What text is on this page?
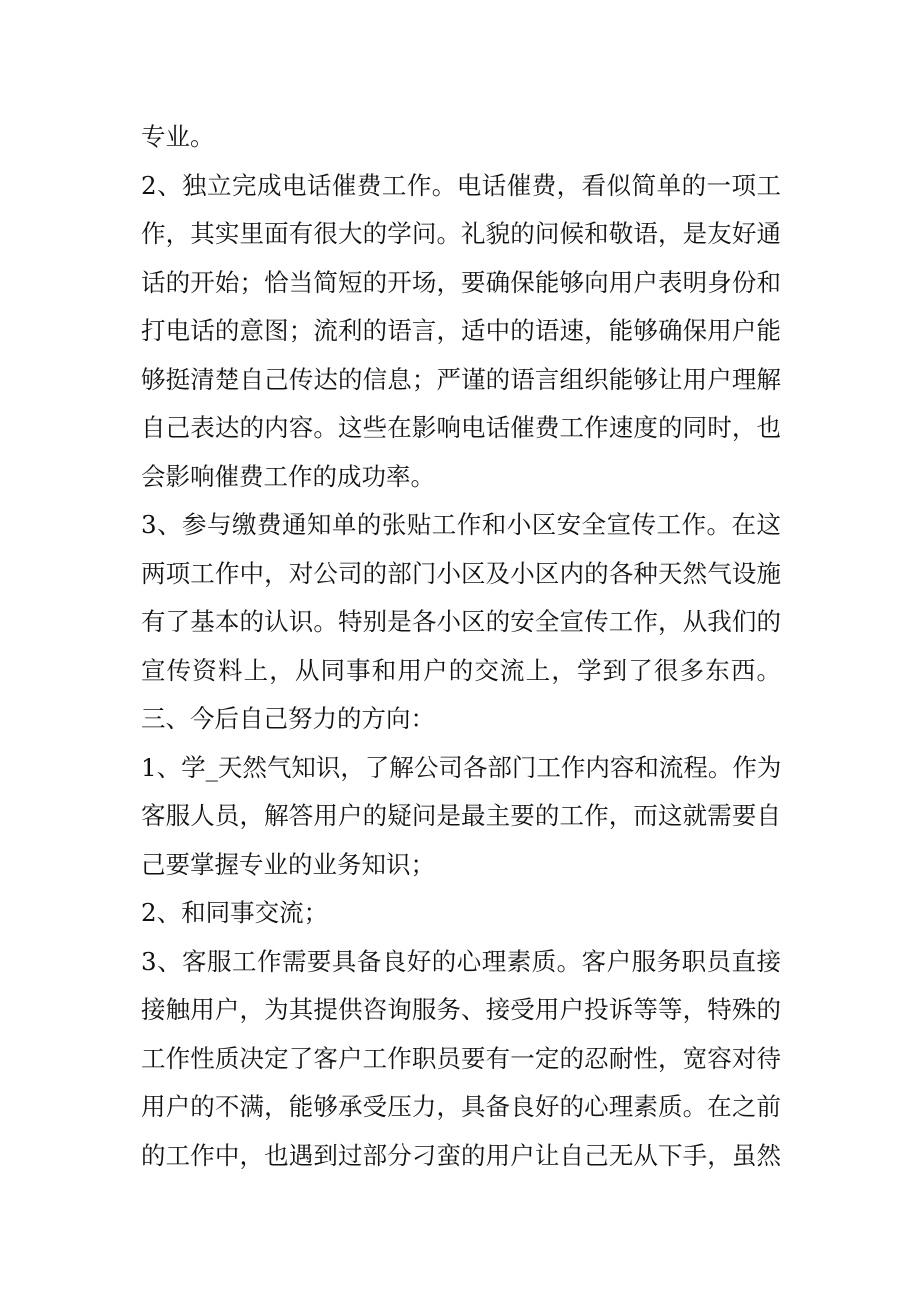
专业。
2、独立完成电话催费工作。电话催费，看似简单的一项工
作，其实里面有很大的学问。礼貌的问候和敬语，是友好通
话的开始；恰当简短的开场，要确保能够向用户表明身份和
打电话的意图；流利的语言，适中的语速，能够确保用户能
够挺清楚自己传达的信息；严谨的语言组织能够让用户理解
自己表达的内容。这些在影响电话催费工作速度的同时，也
会影响催费工作的成功率。
3、参与缴费通知单的张贴工作和小区安全宣传工作。在这
两项工作中，对公司的部门小区及小区内的各种天然气设施
有了基本的认识。特别是各小区的安全宣传工作，从我们的
宣传资料上，从同事和用户的交流上，学到了很多东西。
三、今后自己努力的方向：
1、学_天然气知识，了解公司各部门工作内容和流程。作为
客服人员，解答用户的疑问是最主要的工作，而这就需要自
己要掌握专业的业务知识；
2、和同事交流；
3、客服工作需要具备良好的心理素质。客户服务职员直接
接触用户，为其提供咨询服务、接受用户投诉等等，特殊的
工作性质决定了客户工作职员要有一定的忍耐性，宽容对待
用户的不满，能够承受压力，具备良好的心理素质。在之前
的工作中，也遇到过部分刁蛮的用户让自己无从下手，虽然
